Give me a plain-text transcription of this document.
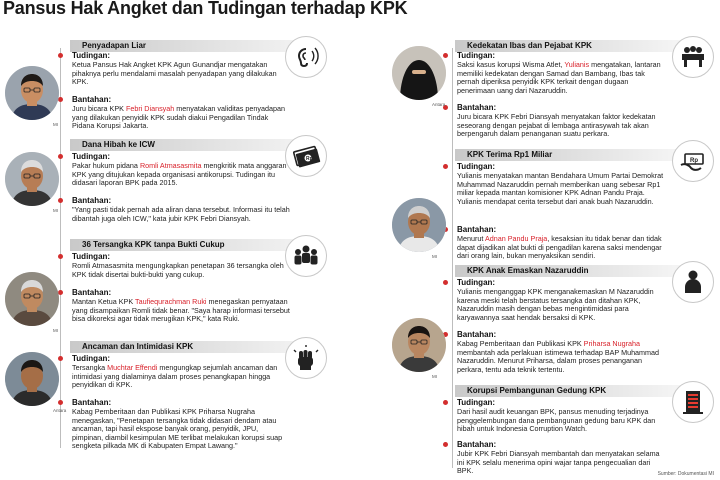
Pansus Hak Angket dan Tudingan terhadap KPK
Penyadapan Liar
Tudingan:
Ketua Pansus Hak Angket KPK Agun Gunandjar mengatakan pihaknya perlu mendalami masalah penyadapan yang dilakukan KPK.
Bantahan:
Juru bicara KPK Febri Diansyah menyatakan validitas penyadapan yang dilakukan penyidik KPK sudah diakui Pengadilan Tindak Pidana Korupsi Jakarta.
MI
Dana Hibah ke ICW
Rp
Tudingan:
Pakar hukum pidana Romli Atmasasmita mengkritik mata anggaran KPK yang ditujukan kepada organisasi antikorupsi. Tudingan itu didasari laporan BPK pada 2015.
Bantahan:
"Yang pasti tidak pernah ada aliran dana tersebut. Informasi itu telah dibantah juga oleh ICW," kata jubir KPK Febri Diansyah.
MI
36 Tersangka KPK tanpa Bukti Cukup
Tudingan:
Romli Atmasasmita mengungkapkan penetapan 36 tersangka oleh KPK tidak disertai bukti-bukti yang cukup.
Bantahan:
Mantan Ketua KPK Taufiequrachman Ruki menegaskan pernyataan yang disampaikan Romli tidak benar. "Saya harap informasi tersebut bisa dikoreksi agar tidak merugikan KPK," kata Ruki.
MI
Ancaman dan Intimidasi KPK
Tudingan:
Tersangka Muchtar Effendi mengungkap sejumlah ancaman dan intimidasi yang dialaminya dalam proses penangkapan hingga penyidikan di KPK.
Bantahan:
Kabag Pemberitaan dan Publikasi KPK Priharsa Nugraha menegaskan, "Penetapan tersangka tidak didasari dendam atau ancaman, tapi hasil ekspose banyak orang, penyidik, JPU, pimpinan, diambil kesimpulan ME terlibat melakukan korupsi suap sengketa pilkada MK di Kabupaten Empat Lawang."
Antara
Kedekatan Ibas dan Pejabat KPK
Tudingan:
Saksi kasus korupsi Wisma Atlet, Yulianis mengatakan, lantaran memiliki kedekatan dengan Samad dan Bambang, Ibas tak pernah diperiksa penyidik KPK terkait dengan dugaan penerimaan uang dari Nazaruddin.
Bantahan:
Juru bicara KPK Febri Diansyah menyatakan faktor kedekatan seseorang dengan pejabat di lembaga antirasywah tak akan berpengaruh dalam penanganan suatu perkara.
Antara
KPK Terima Rp1 Miliar
Rp
Tudingan:
Yulianis menyatakan mantan Bendahara Umum Partai Demokrat Muhammad Nazaruddin pernah memberikan uang sebesar Rp1 miliar kepada mantan komisioner KPK Adnan Pandu Praja. Yulianis mendapat cerita tersebut dari anak buah Nazaruddin.
Bantahan:
Menurut Adnan Pandu Praja, kesaksian itu tidak benar dan tidak dapat dijadikan alat bukti di pengadilan karena saksi mendengar dari orang lain, bukan menyaksikan sendiri.
MI
KPK Anak Emaskan Nazaruddin
Tudingan:
Yulianis menganggap KPK menganakemaskan M Nazaruddin karena meski telah berstatus tersangka dan ditahan KPK, Nazaruddin masih dengan bebas mengintimidasi para karyawannya saat hendak bersaksi di KPK.
Bantahan:
Kabag Pemberitaan dan Publikasi KPK Priharsa Nugraha membantah ada perlakuan istimewa terhadap BAP Muhammad Nazaruddin. Menurut Priharsa, dalam proses penanganan perkara, tentu ada teknik tertentu.
MI
Korupsi Pembangunan Gedung KPK
Tudingan:
Dari hasil audit keuangan BPK, pansus menuding terjadinya penggelembungan dana pembangunan gedung baru KPK dan hibah untuk Indonesia Corruption Watch.
Bantahan:
Jubir KPK Febri Diansyah membantah dan menyatakan selama ini KPK selalu menerima opini wajar tanpa pengecualian dari BPK.	Sumber: Dokumentasi MI
